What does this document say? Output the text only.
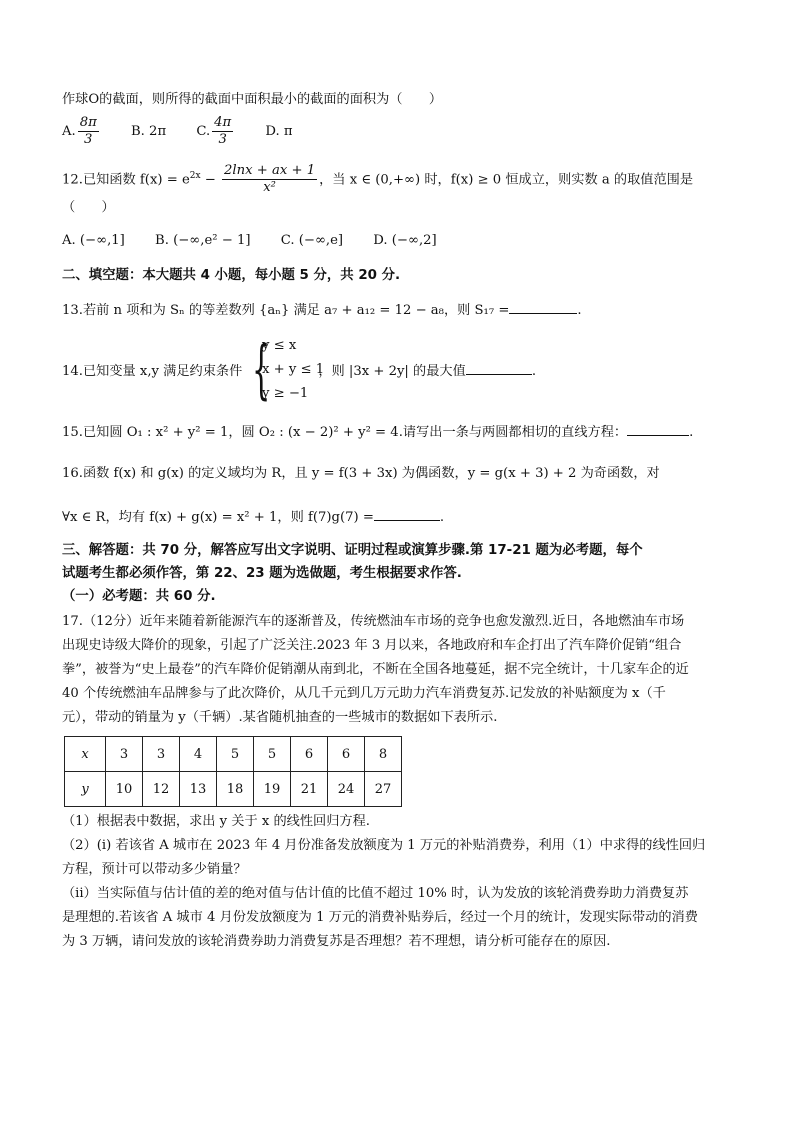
作球O的截面，则所得的截面中面积最小的截面的面积为（　　）
A. $\frac{8\pi}{3} B$. 2π C. $\frac{4\pi}{3} D$. π
12.已知函数 $f(x) = e^{2x} - \frac{2\ln x + ax + 1}{\text{x²}}$ ，当 x ∈ (0,+∞) 时，f(x) ≥ 0 恒成立，则实数 a 的取值范围是
（　　）
A. (−∞,1] B. (−∞,e² − 1] C. (−∞,e] D. (−∞,2]
二、填空题：本大题共 4 小题，每小题 5 分，共 20 分.
13.若前 n 项和为 Sₙ 的等差数列 {aₙ} 满足 a₇ + a₁₂ = 12 − a₈，则 S₁₇ =	.
14.已知变量 x,y 满足约束条件	，则 |3x + 2y| 的最大值	.
{
y ≤ x
x + y ≤ 1
y ≥ −1
15.已知圆 O₁ : x² + y² = 1，圆 O₂ : (x − 2)² + y² = 4.请写出一条与两圆都相切的直线方程：	.
16.函数 f(x) 和 g(x) 的定义域均为 R，且 y = f(3 + 3x) 为偶函数，y = g(x + 3) + 2 为奇函数，对
∀x ∈ R，均有 f(x) + g(x) = x² + 1，则 f(7)g(7) =	.
三、解答题：共 70 分，解答应写出文字说明、证明过程或演算步骤.第 17-21 题为必考题，每个
试题考生都必须作答，第 22、23 题为选做题，考生根据要求作答.
（一）必考题：共 60 分.
17.（12分）近年来随着新能源汽车的逐渐普及，传统燃油车市场的竞争也愈发激烈.近日，各地燃油车市场
出现史诗级大降价的现象，引起了广泛关注.2023 年 3 月以来，各地政府和车企打出了汽车降价促销“组合
拳”，被誉为“史上最卷”的汽车降价促销潮从南到北，不断在全国各地蔓延，据不完全统计，十几家车企的近
40 个传统燃油车品牌参与了此次降价，从几千元到几万元助力汽车消费复苏.记发放的补贴额度为 x（千
元），带动的销量为 y（千辆）.某省随机抽查的一些城市的数据如下表所示.
x	3	3	4	5	5	6	6	8
y	10	12	13	18	19	21	24	27
（1）根据表中数据，求出 y 关于 x 的线性回归方程.
（2）(i) 若该省 A 城市在 2023 年 4 月份准备发放额度为 1 万元的补贴消费券，利用（1）中求得的线性回归
方程，预计可以带动多少销量？
（ii）当实际值与估计值的差的绝对值与估计值的比值不超过 10% 时，认为发放的该轮消费券助力消费复苏
是理想的.若该省 A 城市 4 月份发放额度为 1 万元的消费补贴券后，经过一个月的统计，发现实际带动的消费
为 3 万辆，请问发放的该轮消费券助力消费复苏是否理想？若不理想，请分析可能存在的原因.
